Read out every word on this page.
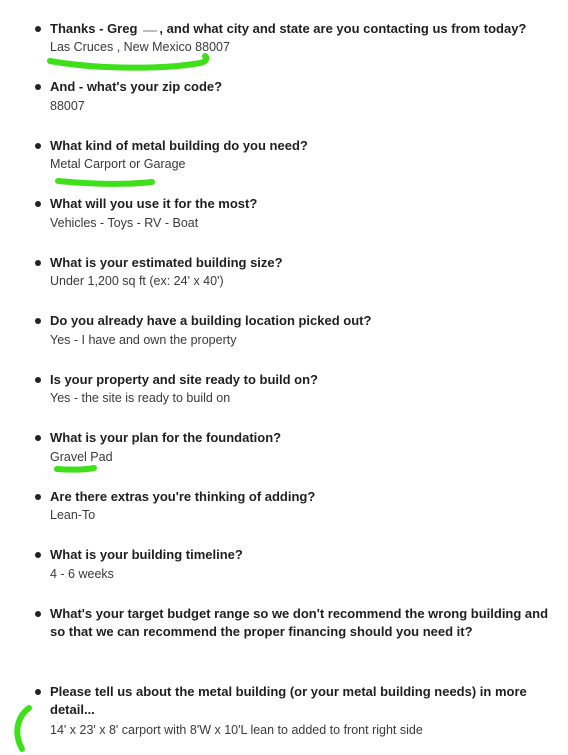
Thanks - Greg , and what city and state are you contacting us from today?
Las Cruces , New Mexico 88007
And - what's your zip code?
88007
What kind of metal building do you need?
Metal Carport or Garage
What will you use it for the most?
Vehicles - Toys - RV - Boat
What is your estimated building size?
Under 1,200 sq ft (ex: 24' x 40')
Do you already have a building location picked out?
Yes - I have and own the property
Is your property and site ready to build on?
Yes - the site is ready to build on
What is your plan for the foundation?
Gravel Pad
Are there extras you're thinking of adding?
Lean-To
What is your building timeline?
4 - 6 weeks
What's your target budget range so we don't recommend the wrong building and so that we can recommend the proper financing should you need it?
Please tell us about the metal building (or your metal building needs) in more detail...
14' x 23' x 8' carport with 8'W x 10'L lean to added to front right side
